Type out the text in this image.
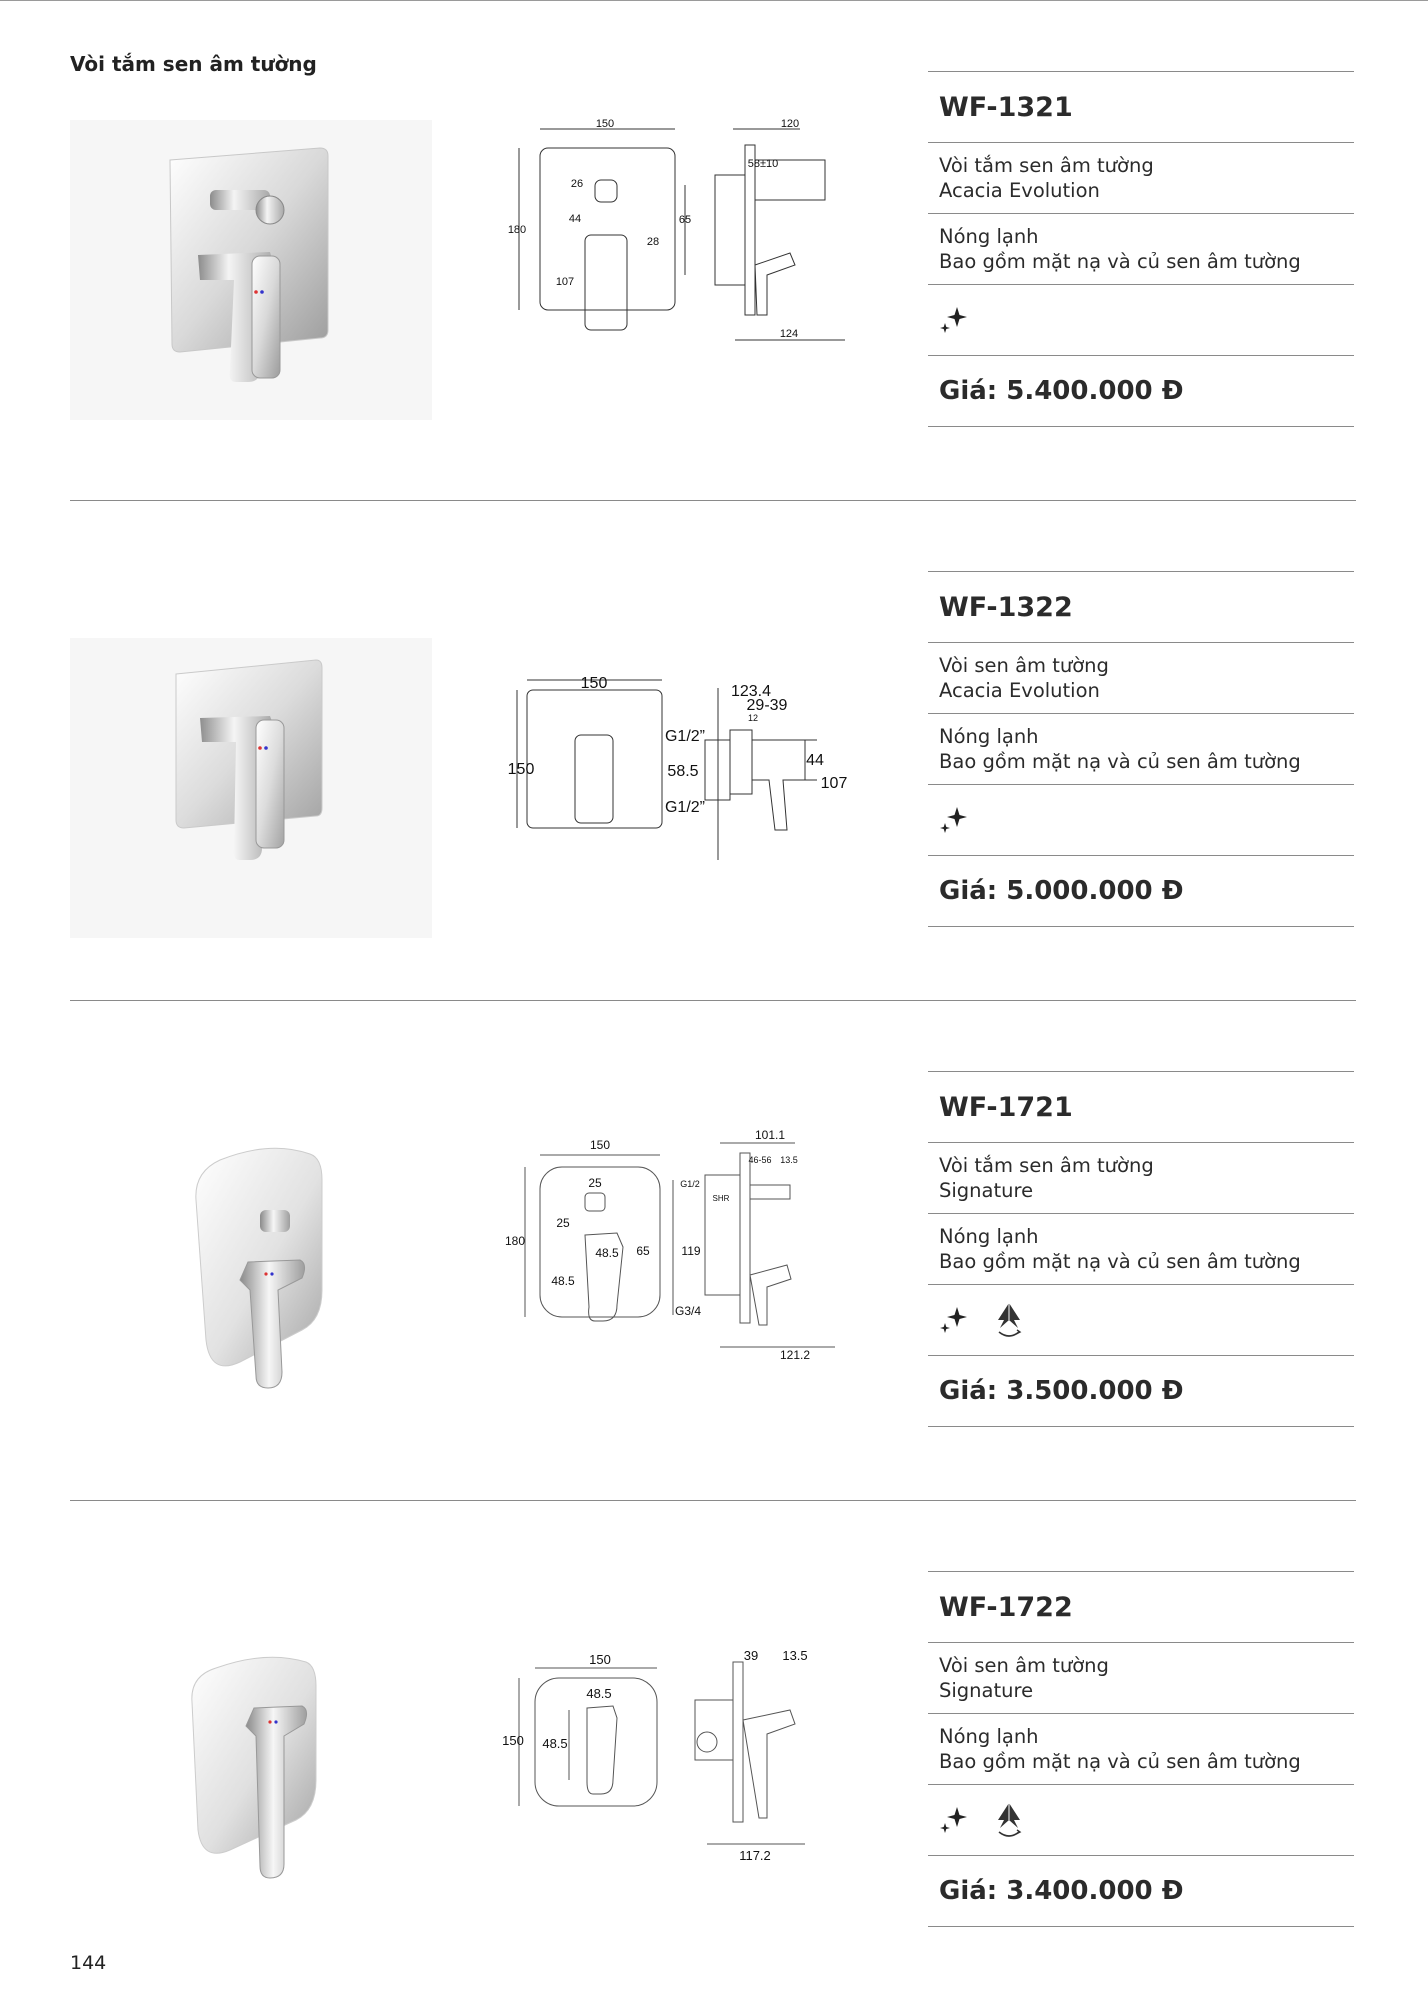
Vòi tắm sen âm tường
150
26
44
28
65
180
107
120
58±10
124
WF-1321
Vòi tắm sen âm tường
Acacia Evolution
Nóng lạnh
Bao gồm mặt nạ và củ sen âm tường
Giá: 5.400.000 Đ
150
150
123.4
29-39
12
G1/2”
58.5
G1/2”
44
107
WF-1322
Vòi sen âm tường
Acacia Evolution
Nóng lạnh
Bao gồm mặt nạ và củ sen âm tường
Giá: 5.000.000 Đ
150
25
180
25
48.5 65
48.5
101.1
46-56 13.5
G1/2
SHR
119
G3/4
121.2
WF-1721
Vòi tắm sen âm tường
Signature
Nóng lạnh
Bao gồm mặt nạ và củ sen âm tường
Giá: 3.500.000 Đ
150
48.5
150 48.5
39 13.5
117.2
WF-1722
Vòi sen âm tường
Signature
Nóng lạnh
Bao gồm mặt nạ và củ sen âm tường
Giá: 3.400.000 Đ
144
